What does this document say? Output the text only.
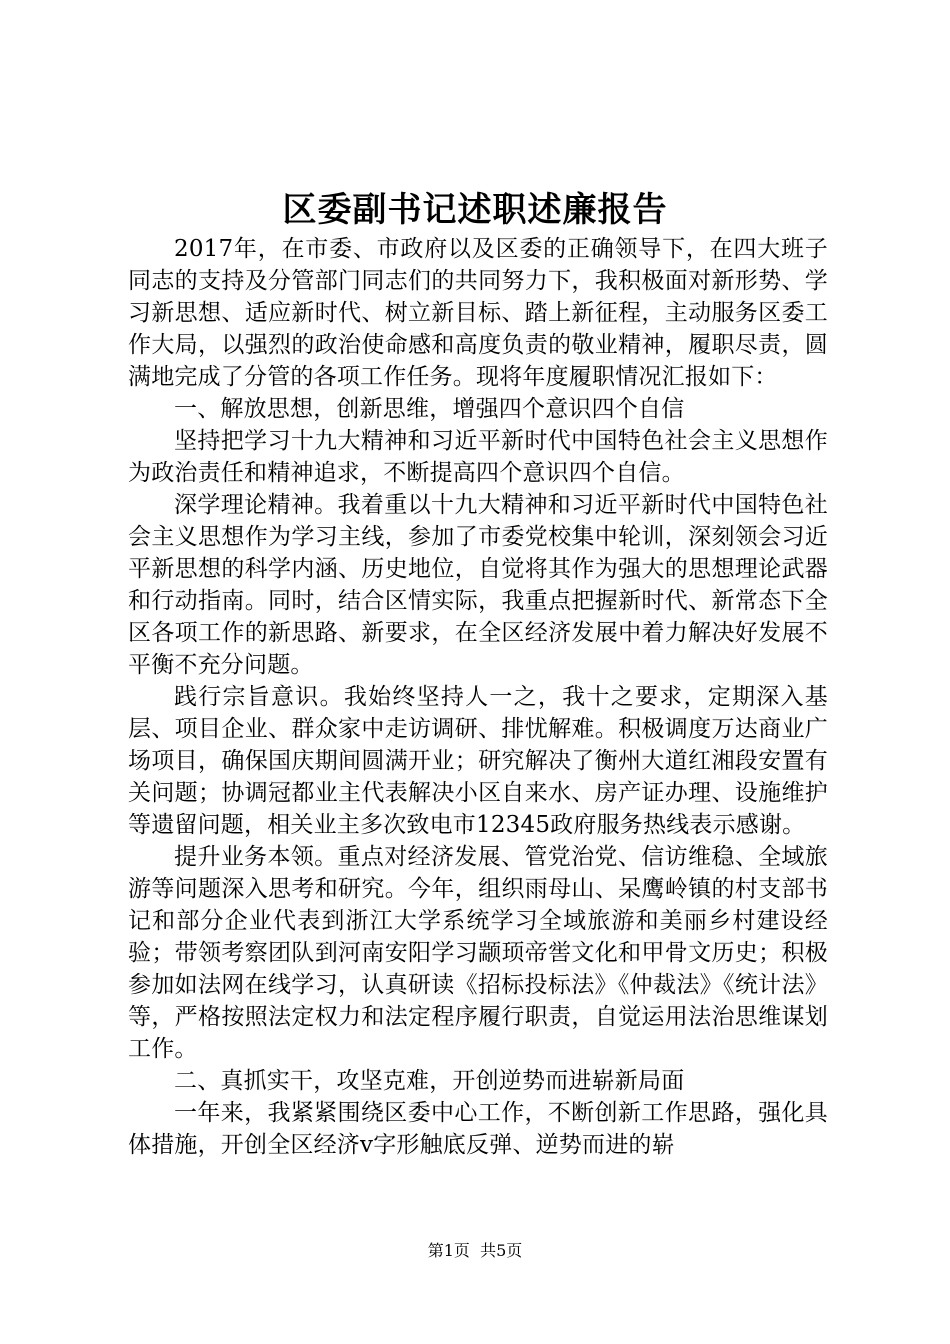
区委副书记述职述廉报告

2017年，在市委、市政府以及区委的正确领导下，在四大班子同志的支持及分管部门同志们的共同努力下，我积极面对新形势、学习新思想、适应新时代、树立新目标、踏上新征程，主动服务区委工作大局，以强烈的政治使命感和高度负责的敬业精神，履职尽责，圆满地完成了分管的各项工作任务。现将年度履职情况汇报如下：

一、解放思想，创新思维，增强四个意识四个自信

坚持把学习十九大精神和习近平新时代中国特色社会主义思想作为政治责任和精神追求，不断提高四个意识四个自信。

深学理论精神。我着重以十九大精神和习近平新时代中国特色社会主义思想作为学习主线，参加了市委党校集中轮训，深刻领会习近平新思想的科学内涵、历史地位，自觉将其作为强大的思想理论武器和行动指南。同时，结合区情实际，我重点把握新时代、新常态下全区各项工作的新思路、新要求，在全区经济发展中着力解决好发展不平衡不充分问题。

践行宗旨意识。我始终坚持人一之，我十之要求，定期深入基层、项目企业、群众家中走访调研、排忧解难。积极调度万达商业广场项目，确保国庆期间圆满开业；研究解决了衡州大道红湘段安置有关问题；协调冠都业主代表解决小区自来水、房产证办理、设施维护等遗留问题，相关业主多次致电市12345政府服务热线表示感谢。

提升业务本领。重点对经济发展、管党治党、信访维稳、全域旅游等问题深入思考和研究。今年，组织雨母山、呆鹰岭镇的村支部书记和部分企业代表到浙江大学系统学习全域旅游和美丽乡村建设经验；带领考察团队到河南安阳学习颛顼帝喾文化和甲骨文历史；积极参加如法网在线学习，认真研读《招标投标法》《仲裁法》《统计法》等，严格按照法定权力和法定程序履行职责，自觉运用法治思维谋划工作。

二、真抓实干，攻坚克难，开创逆势而进崭新局面

一年来，我紧紧围绕区委中心工作，不断创新工作思路，强化具体措施，开创全区经济v字形触底反弹、逆势而进的崭

第1页 共5页
